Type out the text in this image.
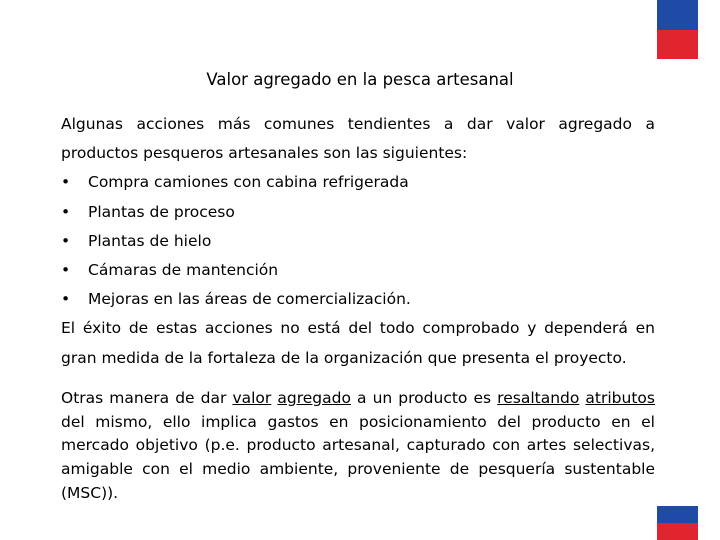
Valor agregado en la pesca artesanal

Algunas acciones más comunes tendientes a dar valor agregado a productos pesqueros artesanales son las siguientes:

•	Compra camiones con cabina refrigerada
•	Plantas de proceso
•	Plantas de hielo
•	Cámaras de mantención
•	Mejoras en las áreas de comercialización.

El éxito de estas acciones no está del todo comprobado y dependerá en gran medida de la fortaleza de la organización que presenta el proyecto.

Otras manera de dar valor agregado a un producto es resaltando atributos del mismo, ello implica gastos en posicionamiento del producto en el mercado objetivo (p.e. producto artesanal, capturado con artes selectivas, amigable con el medio ambiente, proveniente de pesquería sustentable (MSC)).
